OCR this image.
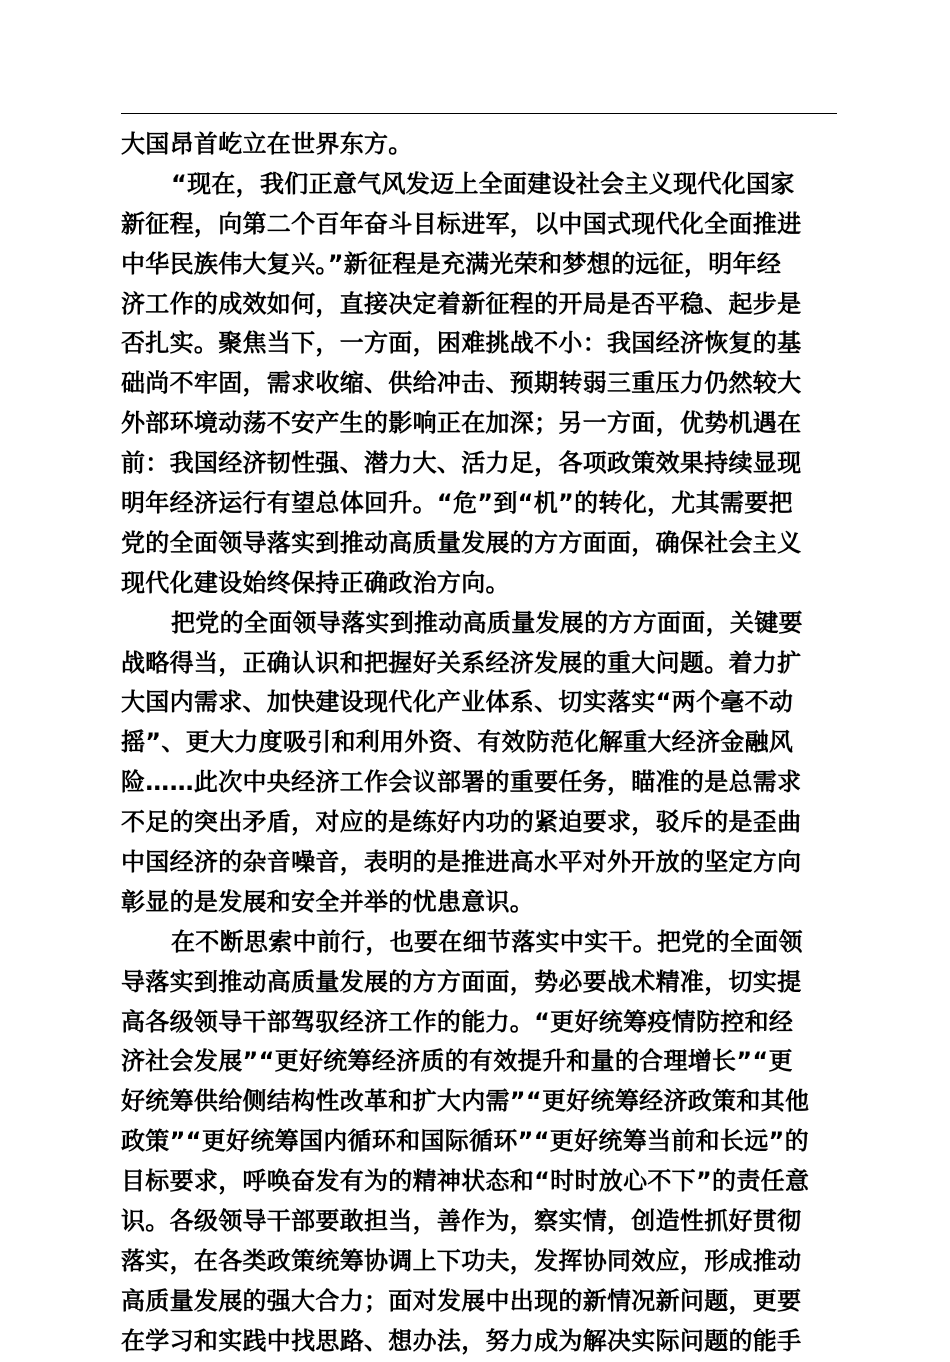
大国昂首屹立在世界东方。
“现在，我们正意气风发迈上全面建设社会主义现代化国家
新征程，向第二个百年奋斗目标进军，以中国式现代化全面推进
中华民族伟大复兴。”新征程是充满光荣和梦想的远征，明年经
济工作的成效如何，直接决定着新征程的开局是否平稳、起步是
否扎实。聚焦当下，一方面，困难挑战不小：我国经济恢复的基
础尚不牢固，需求收缩、供给冲击、预期转弱三重压力仍然较大
外部环境动荡不安产生的影响正在加深；另一方面，优势机遇在
前：我国经济韧性强、潜力大、活力足，各项政策效果持续显现
明年经济运行有望总体回升。“危”到“机”的转化，尤其需要把
党的全面领导落实到推动高质量发展的方方面面，确保社会主义
现代化建设始终保持正确政治方向。
把党的全面领导落实到推动高质量发展的方方面面，关键要
战略得当，正确认识和把握好关系经济发展的重大问题。着力扩
大国内需求、加快建设现代化产业体系、切实落实“两个毫不动
摇”、更大力度吸引和利用外资、有效防范化解重大经济金融风
险……此次中央经济工作会议部署的重要任务，瞄准的是总需求
不足的突出矛盾，对应的是练好内功的紧迫要求，驳斥的是歪曲
中国经济的杂音噪音，表明的是推进高水平对外开放的坚定方向
彰显的是发展和安全并举的忧患意识。
在不断思索中前行，也要在细节落实中实干。把党的全面领
导落实到推动高质量发展的方方面面，势必要战术精准，切实提
高各级领导干部驾驭经济工作的能力。“更好统筹疫情防控和经
济社会发展”“更好统筹经济质的有效提升和量的合理增长”“更
好统筹供给侧结构性改革和扩大内需”“更好统筹经济政策和其他
政策”“更好统筹国内循环和国际循环”“更好统筹当前和长远”的
目标要求，呼唤奋发有为的精神状态和“时时放心不下”的责任意
识。各级领导干部要敢担当，善作为，察实情，创造性抓好贯彻
落实，在各类政策统筹协调上下功夫，发挥协同效应，形成推动
高质量发展的强大合力；面对发展中出现的新情况新问题，更要
在学习和实践中找思路、想办法，努力成为解决实际问题的能手
